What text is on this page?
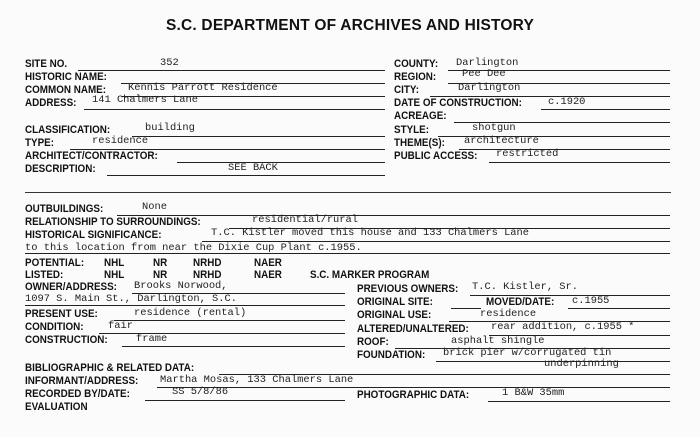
S.C. DEPARTMENT OF ARCHIVES AND HISTORY
SITE NO.	352	COUNTY: Darlington
HISTORIC NAME:	REGION: Pee Dee
COMMON NAME: Kennis Parrott Residence	CITY:	Darlington
ADDRESS: 141 Chalmers Lane	DATE OF CONSTRUCTION:	c.1920
ACREAGE:
CLASSIFICATION:	building	STYLE:	shotgun
TYPE:	residence	THEME(S): architecture
ARCHITECT/CONTRACTOR:	PUBLIC ACCESS: restricted
DESCRIPTION:	SEE BACK
OUTBUILDINGS:	None
RELATIONSHIP TO SURROUNDINGS:	residential/rural
HISTORICAL SIGNIFICANCE:	T.C. Kistler moved this house and 133 Chalmers Lane
to this location from near the Dixie Cup Plant c.1955.
POTENTIAL: NHL	NR NRHD	NAER
LISTED:	NHL	NR NRHD	NAER	S.C. MARKER PROGRAM
OWNER/ADDRESS: Brooks Norwood,
1097 S. Main St., Darlington, S.C.
PREVIOUS OWNERS: T.C. Kistler, Sr.
ORIGINAL SITE:	MOVED/DATE: c.1955
PRESENT USE:	residence (rental)	ORIGINAL USE:	residence
CONDITION: fair	ALTERED/UNALTERED: rear addition, c.1955 *
CONSTRUCTION:	frame	ROOF:	asphalt shingle
FOUNDATION: brick pier w/corrugated tin
underpinning
BIBLIOGRAPHIC & RELATED DATA:
INFORMANT/ADDRESS: Martha Mosas, 133 Chalmers Lane
RECORDED BY/DATE:	SS 5/8/86	PHOTOGRAPHIC DATA:	1 B&W 35mm
EVALUATION
